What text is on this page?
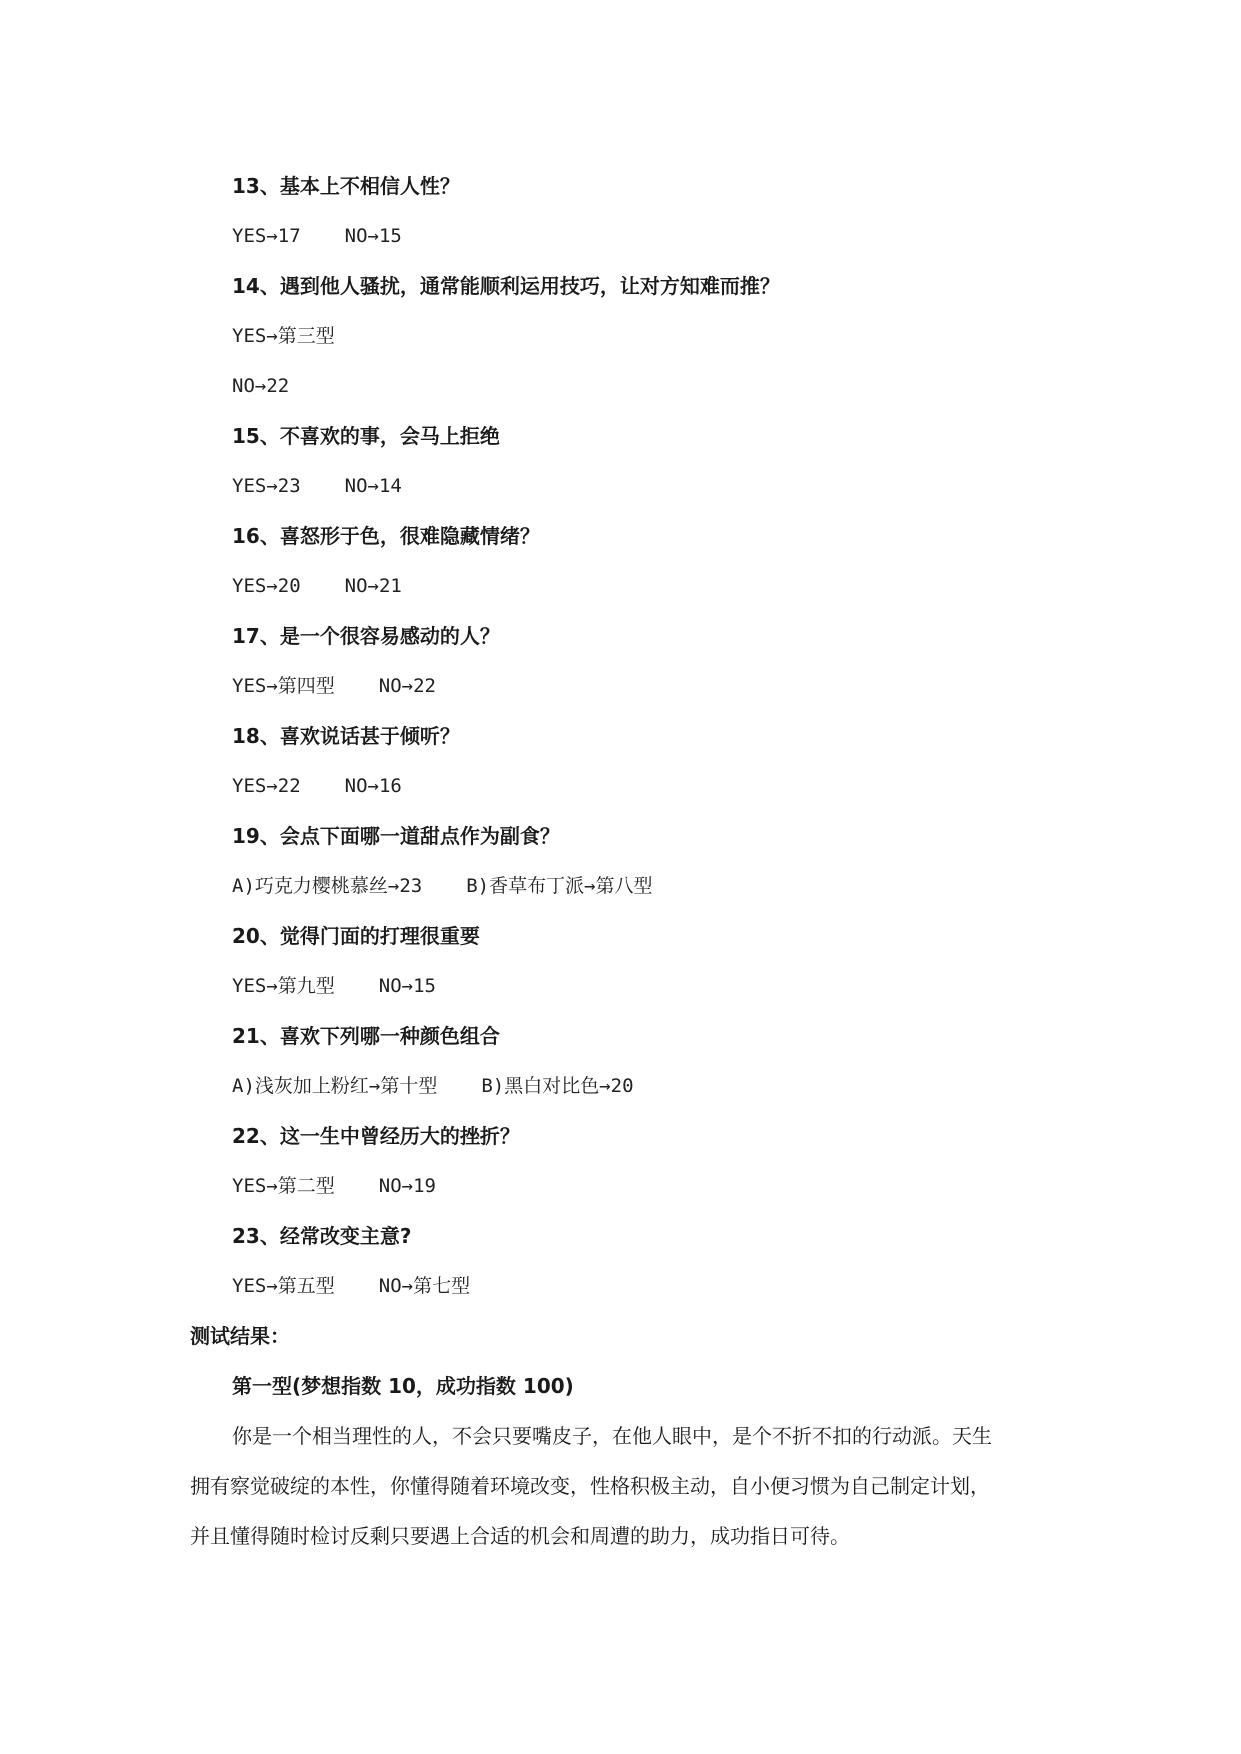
13、基本上不相信人性？
YES→17 NO→15
14、遇到他人骚扰，通常能顺利运用技巧，让对方知难而推？
YES→第三型
NO→22
15、不喜欢的事，会马上拒绝
YES→23 NO→14
16、喜怒形于色，很难隐藏情绪？
YES→20 NO→21
17、是一个很容易感动的人？
YES→第四型 NO→22
18、喜欢说话甚于倾听？
YES→22 NO→16
19、会点下面哪一道甜点作为副食？
A)巧克力樱桃慕丝→23 B)香草布丁派→第八型
20、觉得门面的打理很重要
YES→第九型 NO→15
21、喜欢下列哪一种颜色组合
A)浅灰加上粉红→第十型 B)黑白对比色→20
22、这一生中曾经历大的挫折？
YES→第二型 NO→19
23、经常改变主意?
YES→第五型 NO→第七型
测试结果：
第一型(梦想指数 10，成功指数 100)
你是一个相当理性的人，不会只要嘴皮子，在他人眼中，是个不折不扣的行动派。天生
拥有察觉破绽的本性，你懂得随着环境改变，性格积极主动，自小便习惯为自己制定计划，
并且懂得随时检讨反剩只要遇上合适的机会和周遭的助力，成功指日可待。
